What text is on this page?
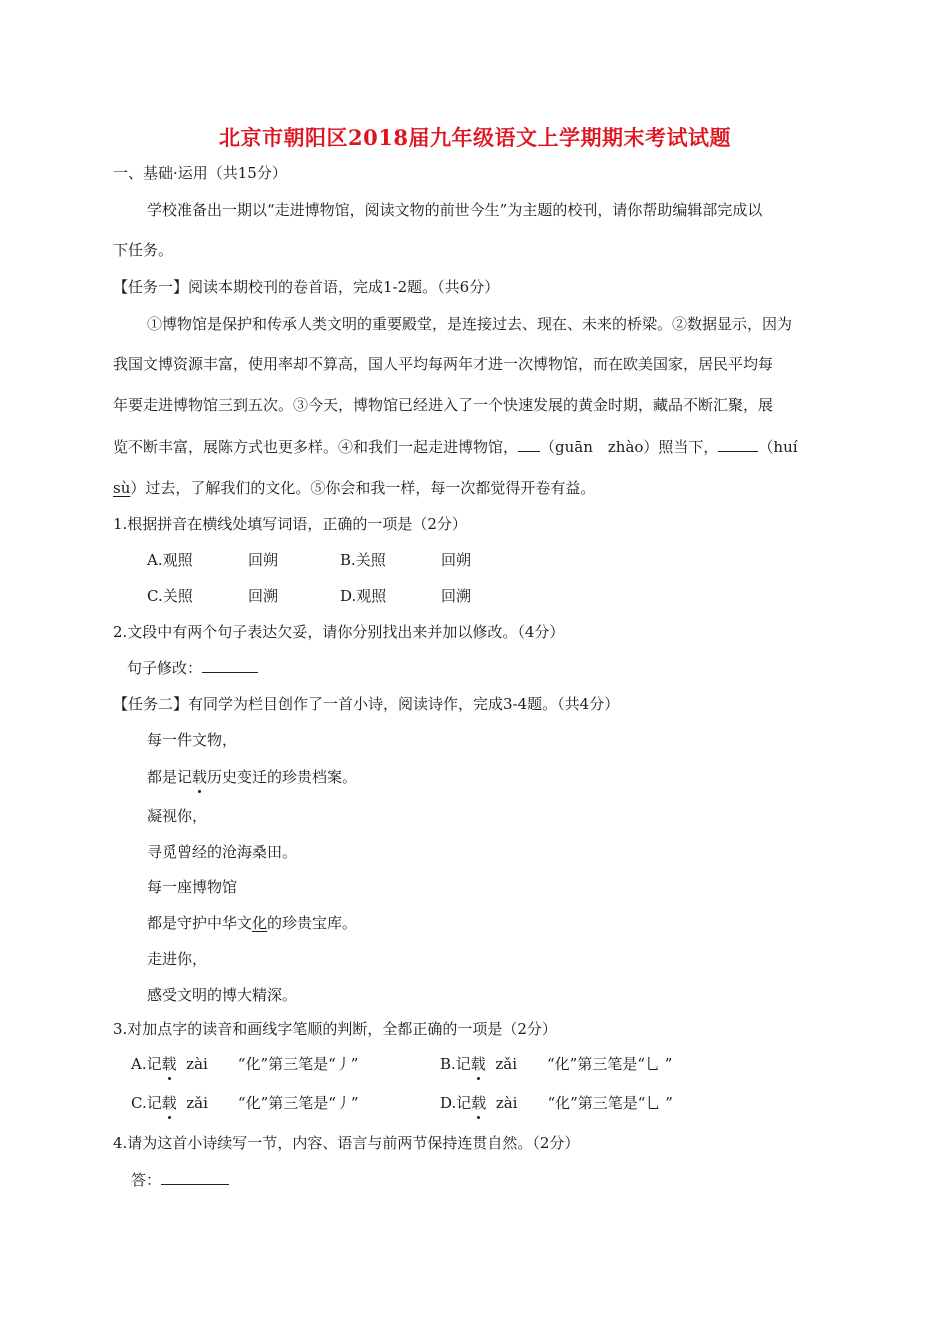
北京市朝阳区2018届九年级语文上学期期末考试试题
一、基础·运用（共15分）
学校准备出一期以“走进博物馆，阅读文物的前世今生”为主题的校刊，请你帮助编辑部完成以
下任务。
【任务一】阅读本期校刊的卷首语，完成1-2题。（共6分）
①博物馆是保护和传承人类文明的重要殿堂，是连接过去、现在、未来的桥梁。②数据显示，因为
我国文博资源丰富，使用率却不算高，国人平均每两年才进一次博物馆，而在欧美国家，居民平均每
年要走进博物馆三到五次。③今天，博物馆已经进入了一个快速发展的黄金时期，藏品不断汇聚，展
览不断丰富，展陈方式也更多样。④和我们一起走进博物馆， （guān　zhào）照当下，	（huí
sù）过去，了解我们的文化。⑤你会和我一样，每一次都觉得开卷有益。
1.根据拼音在横线处填写词语，正确的一项是（2分）
A.观照	回朔	B.关照	回朔
C.关照	回溯	D.观照	回溯
2.文段中有两个句子表达欠妥，请你分别找出来并加以修改。（4分）
句子修改：
【任务二】有同学为栏目创作了一首小诗，阅读诗作，完成3-4题。（共4分）
每一件文物，
都是记载历史变迁的珍贵档案。
凝视你，
寻觅曾经的沧海桑田。
每一座博物馆
都是守护中华文化的珍贵宝库。
走进你，
感受文明的博大精深。
3.对加点字的读音和画线字笔顺的判断，全都正确的一项是（2分）
A.记载  zài　　“化”第三笔是“丿”	B.记载  zǎi　　“化”第三笔是“乚 ”
C.记载  zǎi　　“化”第三笔是“丿”	D.记载  zài　　“化”第三笔是“乚 ”
4.请为这首小诗续写一节，内容、语言与前两节保持连贯自然。（2分）
答：
